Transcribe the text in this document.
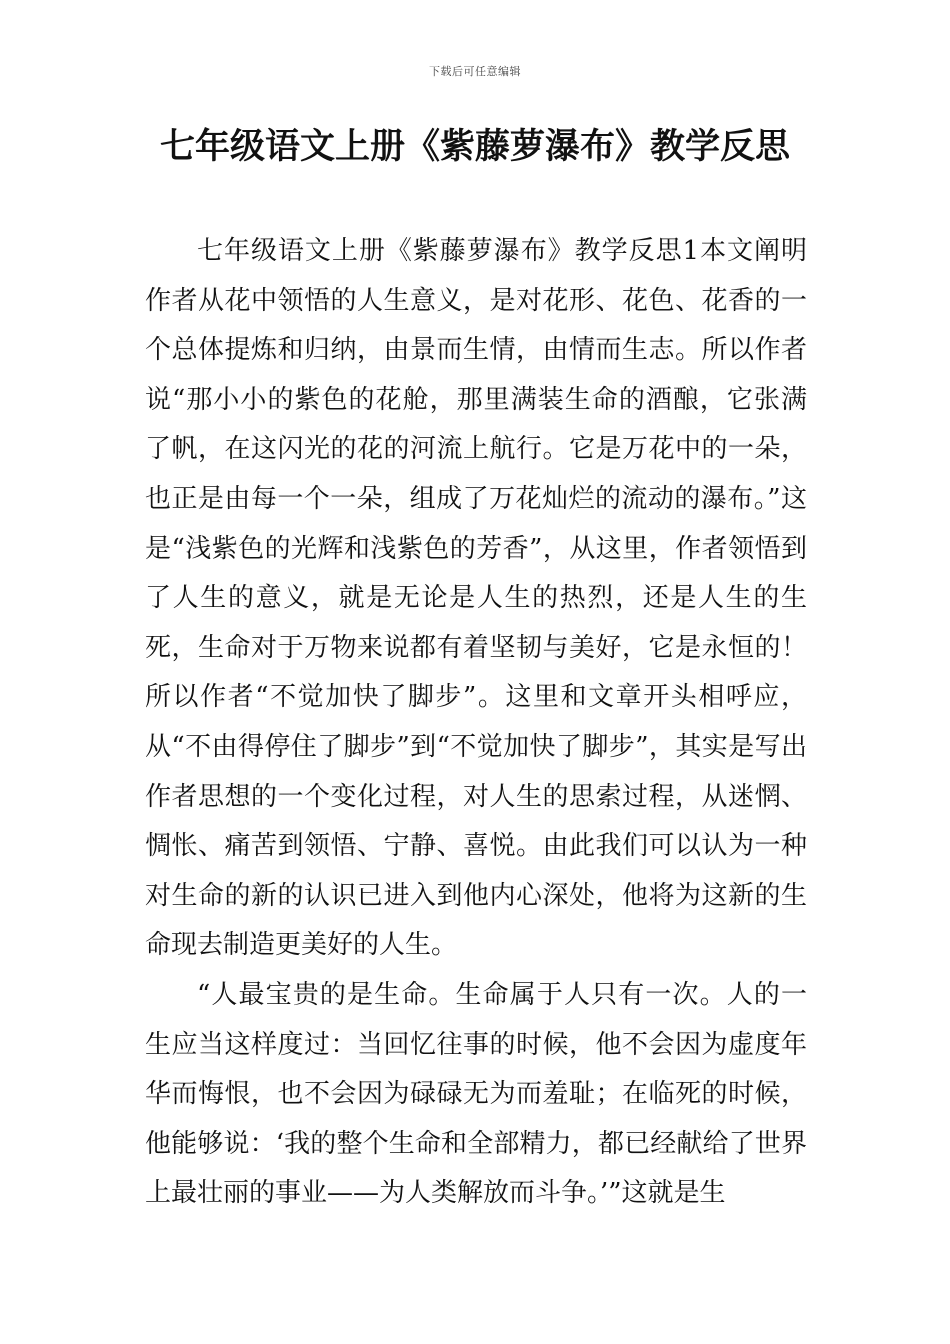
下载后可任意编辑
七年级语文上册《紫藤萝瀑布》教学反思

七年级语文上册《紫藤萝瀑布》教学反思1本文阐明作者从花中领悟的人生意义，是对花形、花色、花香的一个总体提炼和归纳，由景而生情，由情而生志。所以作者说“那小小的紫色的花舱，那里满装生命的酒酿，它张满了帆，在这闪光的花的河流上航行。它是万花中的一朵，也正是由每一个一朵，组成了万花灿烂的流动的瀑布。”这是“浅紫色的光辉和浅紫色的芳香”，从这里，作者领悟到了人生的意义，就是无论是人生的热烈，还是人生的生死，生命对于万物来说都有着坚韧与美好，它是永恒的！所以作者“不觉加快了脚步”。这里和文章开头相呼应，从“不由得停住了脚步”到“不觉加快了脚步”，其实是写出作者思想的一个变化过程，对人生的思索过程，从迷惘、惆怅、痛苦到领悟、宁静、喜悦。由此我们可以认为一种对生命的新的认识已进入到他内心深处，他将为这新的生命现去制造更美好的人生。

“人最宝贵的是生命。生命属于人只有一次。人的一生应当这样度过：当回忆往事的时候，他不会因为虚度年华而悔恨，也不会因为碌碌无为而羞耻；在临死的时候，他能够说：‘我的整个生命和全部精力，都已经献给了世界上最壮丽的事业——为人类解放而斗争。’”这就是生
